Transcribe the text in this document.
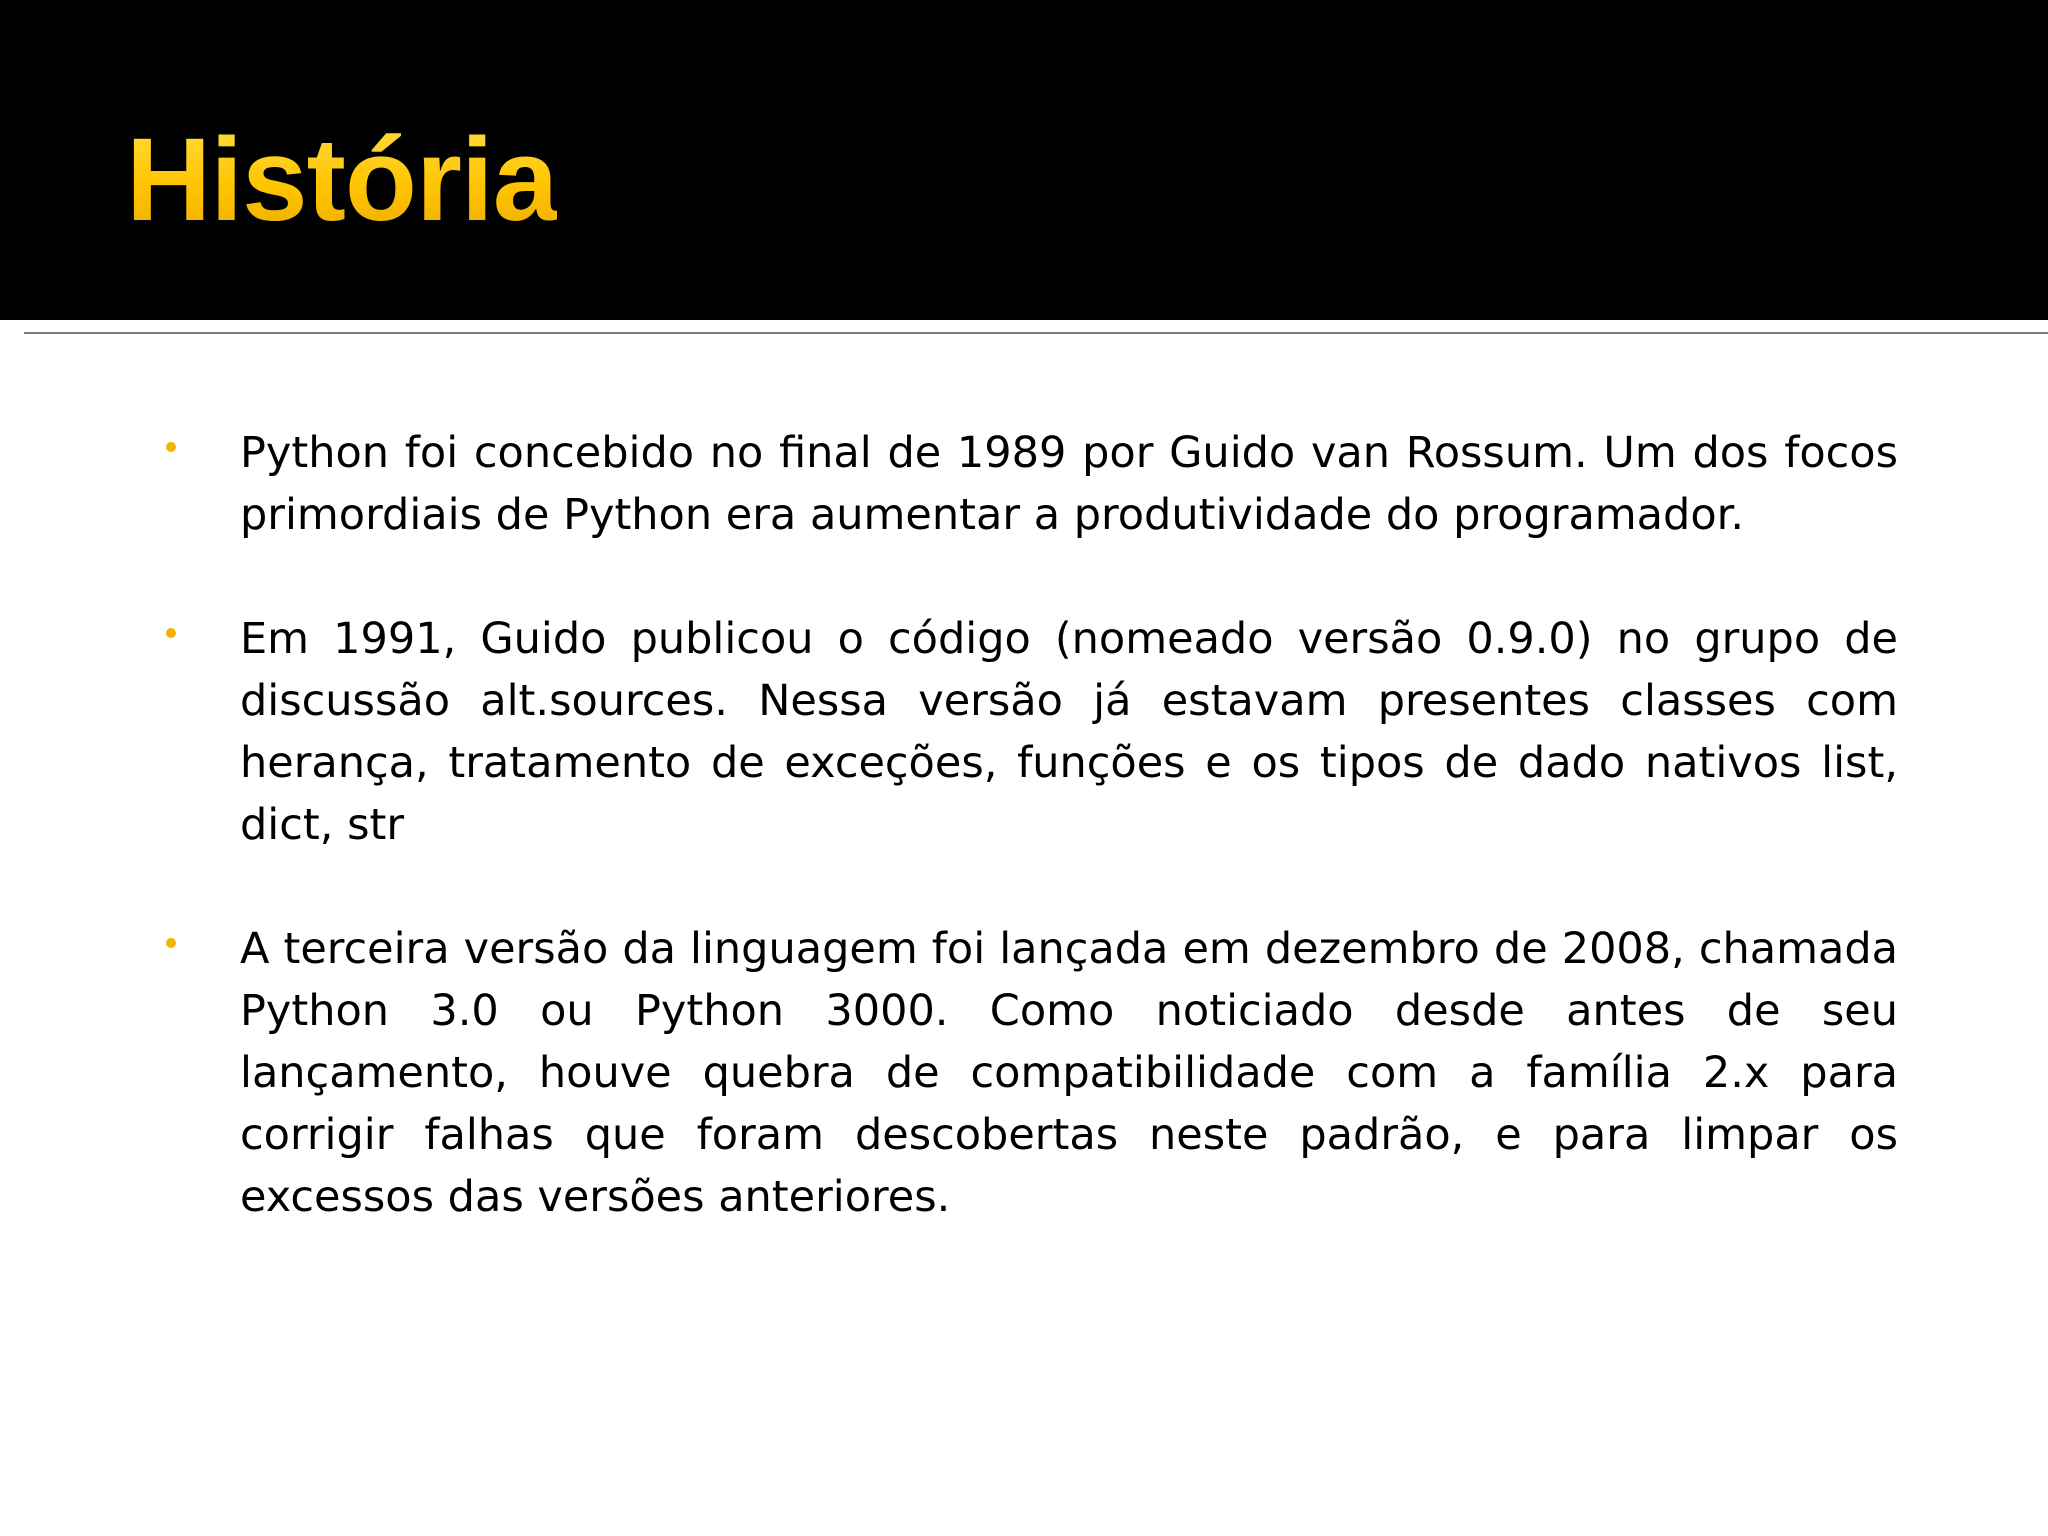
História
Python foi concebido no final de 1989 por Guido van Rossum. Um dos focos primordiais de Python era aumentar a produtividade do programador.
Em 1991, Guido publicou o código (nomeado versão 0.9.0) no grupo de discussão alt.sources. Nessa versão já estavam presentes classes com herança, tratamento de exceções, funções e os tipos de dado nativos list, dict, str
A terceira versão da linguagem foi lançada em dezembro de 2008, chamada Python 3.0 ou Python 3000. Como noticiado desde antes de seu lançamento, houve quebra de compatibilidade com a família 2.x para corrigir falhas que foram descobertas neste padrão, e para limpar os excessos das versões anteriores.
